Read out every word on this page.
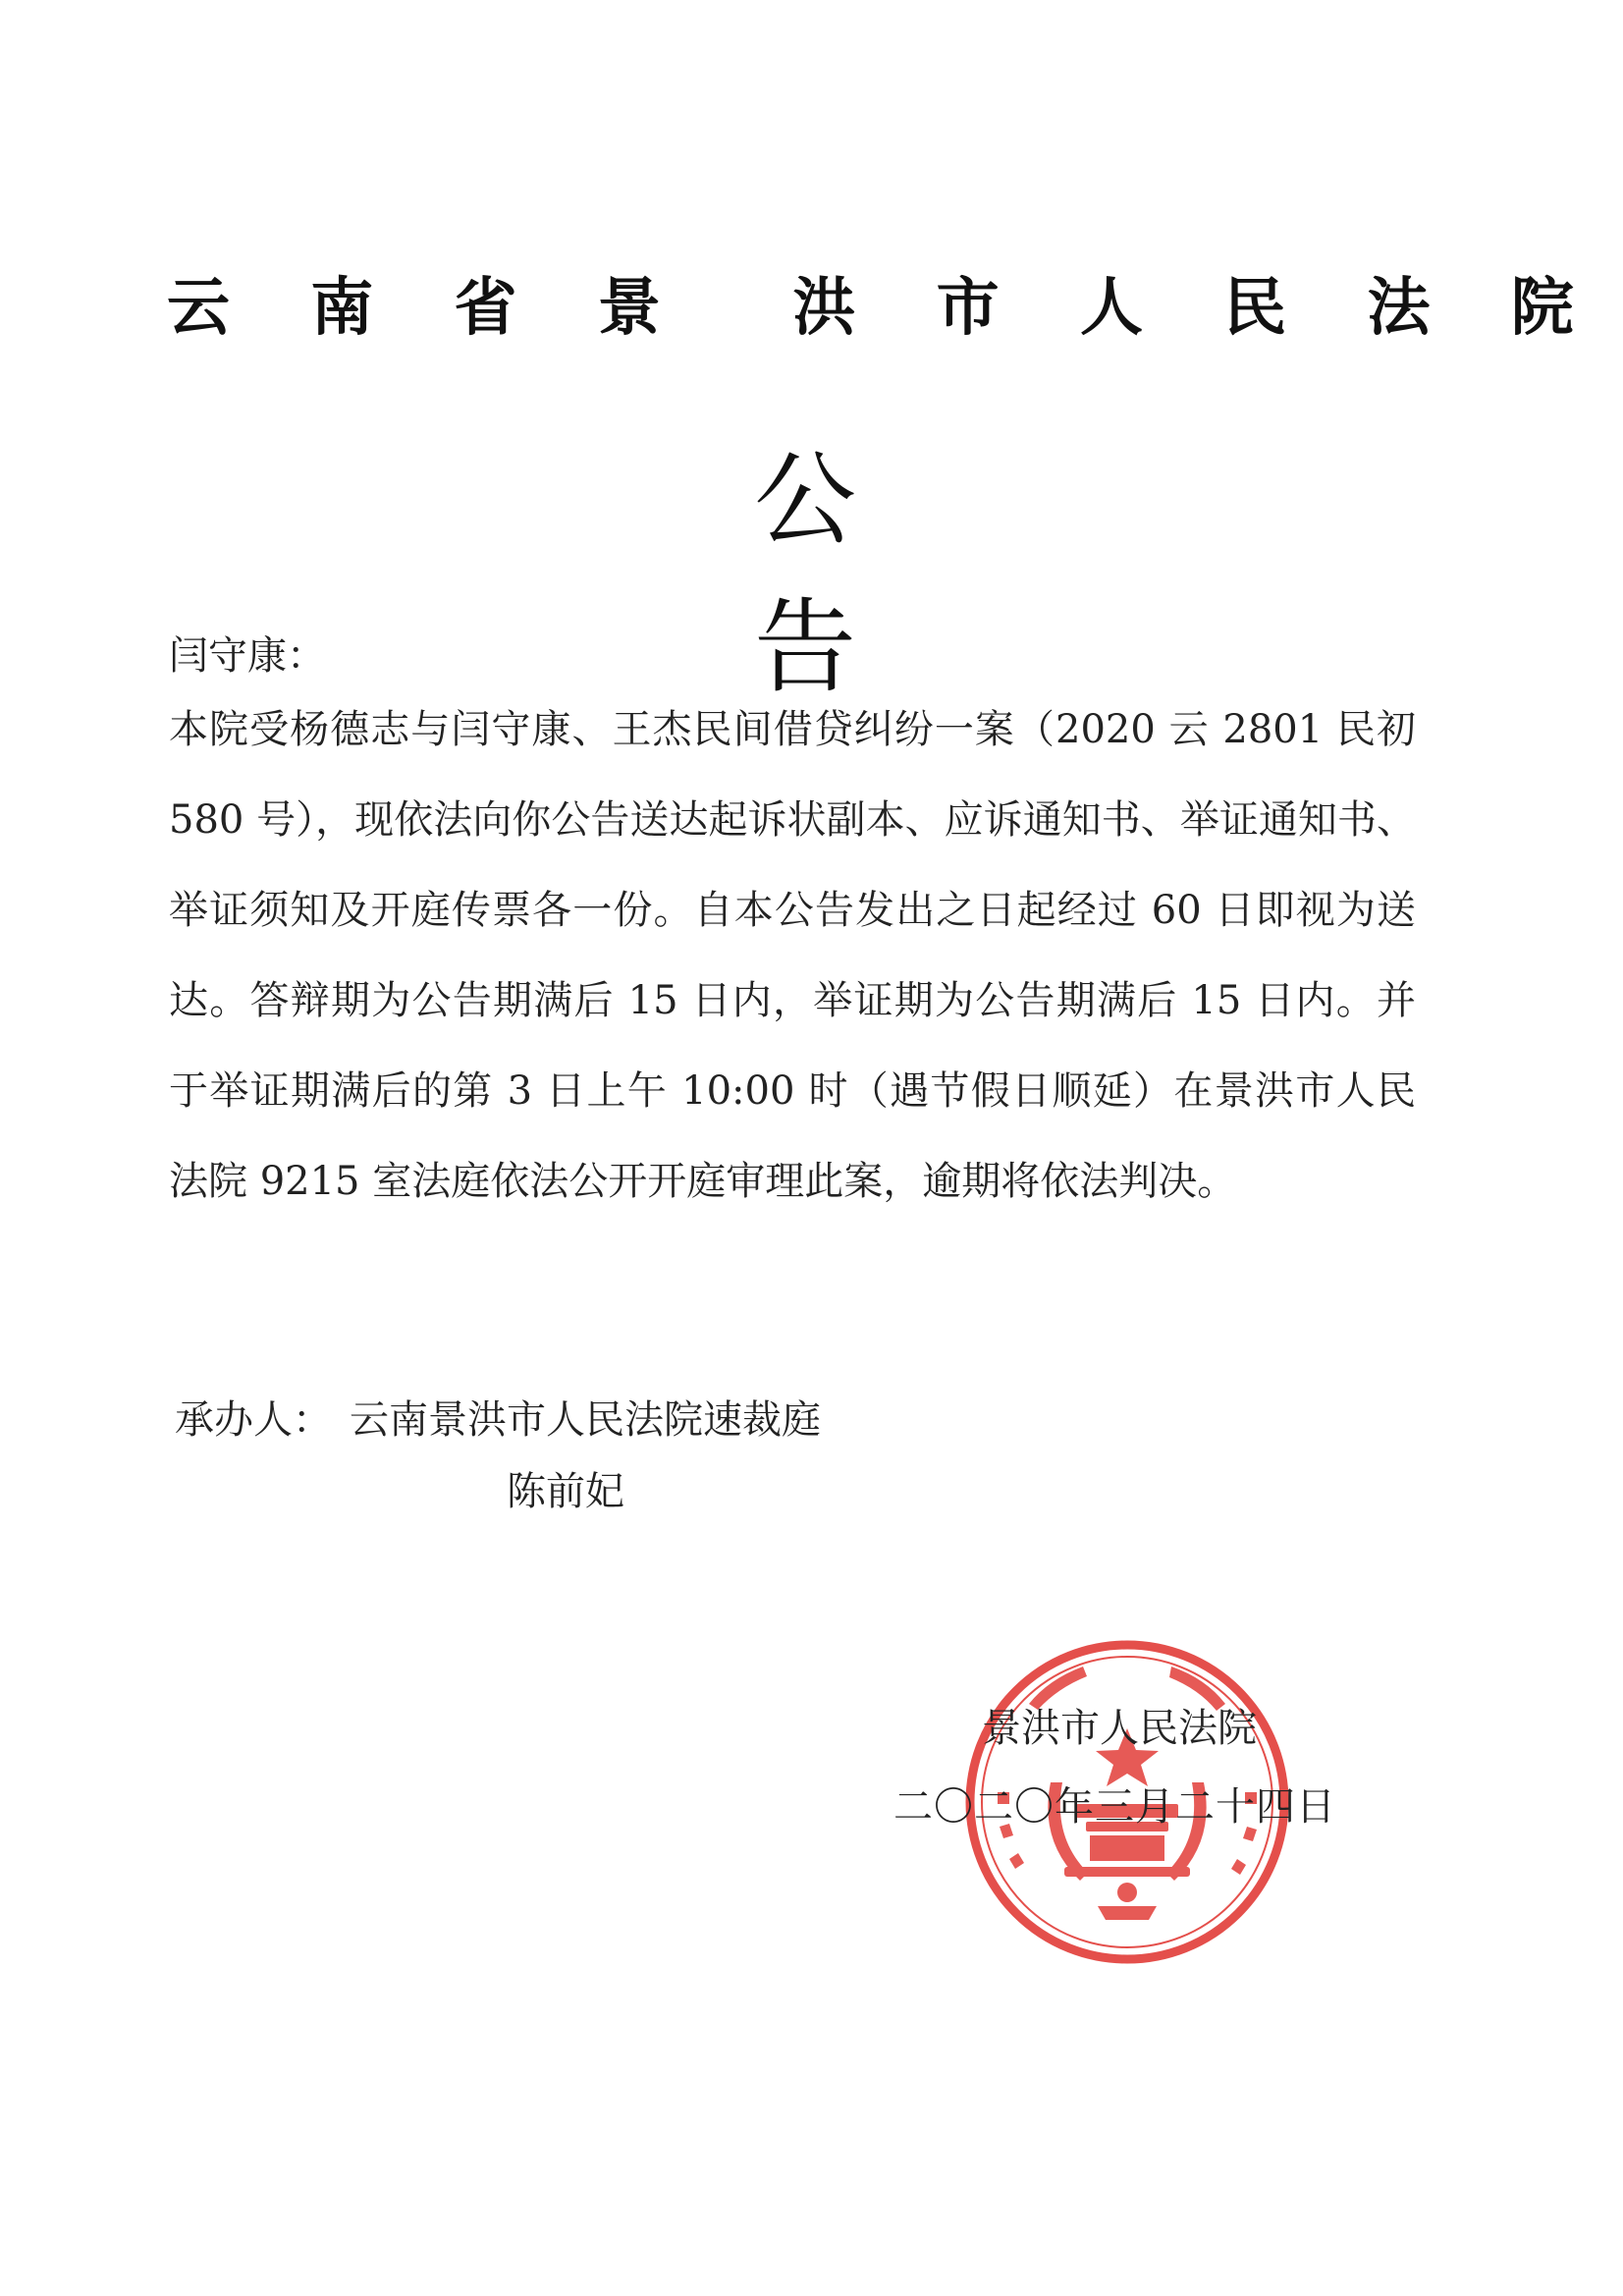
云 南 省 景  洪 市 人 民 法 院
公告
闫守康：
本院受杨德志与闫守康、王杰民间借贷纠纷一案（2020 云 2801 民初 580 号），现依法向你公告送达起诉状副本、应诉通知书、举证通知书、举证须知及开庭传票各一份。自本公告发出之日起经过 60 日即视为送达。答辩期为公告期满后 15 日内，举证期为公告期满后 15 日内。并于举证期满后的第 3 日上午 10:00 时（遇节假日顺延）在景洪市人民法院 9215 室法庭依法公开开庭审理此案，逾期将依法判决。
承办人： 云南景洪市人民法院速裁庭
陈前妃
景洪市人民法院
二〇二〇年三月二十四日
